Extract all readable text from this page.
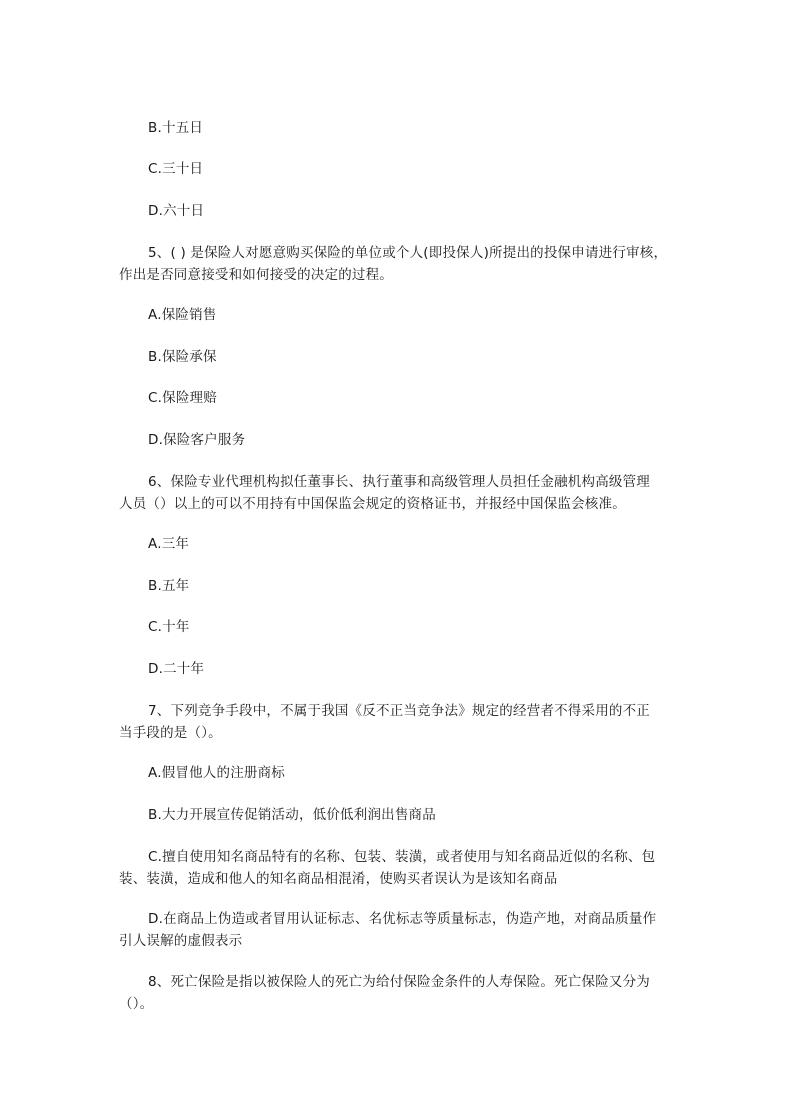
B.十五日
C.三十日
D.六十日
5、( ) 是保险人对愿意购买保险的单位或个人(即投保人)所提出的投保申请进行审核，
作出是否同意接受和如何接受的决定的过程。
A.保险销售
B.保险承保
C.保险理赔
D.保险客户服务
6、保险专业代理机构拟任董事长、执行董事和高级管理人员担任金融机构高级管理
人员（）以上的可以不用持有中国保监会规定的资格证书，并报经中国保监会核准。
A.三年
B.五年
C.十年
D.二十年
7、下列竞争手段中，不属于我国《反不正当竞争法》规定的经营者不得采用的不正
当手段的是（）。
A.假冒他人的注册商标
B.大力开展宣传促销活动，低价低利润出售商品
C.擅自使用知名商品特有的名称、包装、装潢，或者使用与知名商品近似的名称、包
装、装潢，造成和他人的知名商品相混淆，使购买者误认为是该知名商品
D.在商品上伪造或者冒用认证标志、名优标志等质量标志，伪造产地，对商品质量作
引人误解的虚假表示
8、死亡保险是指以被保险人的死亡为给付保险金条件的人寿保险。死亡保险又分为
（）。
